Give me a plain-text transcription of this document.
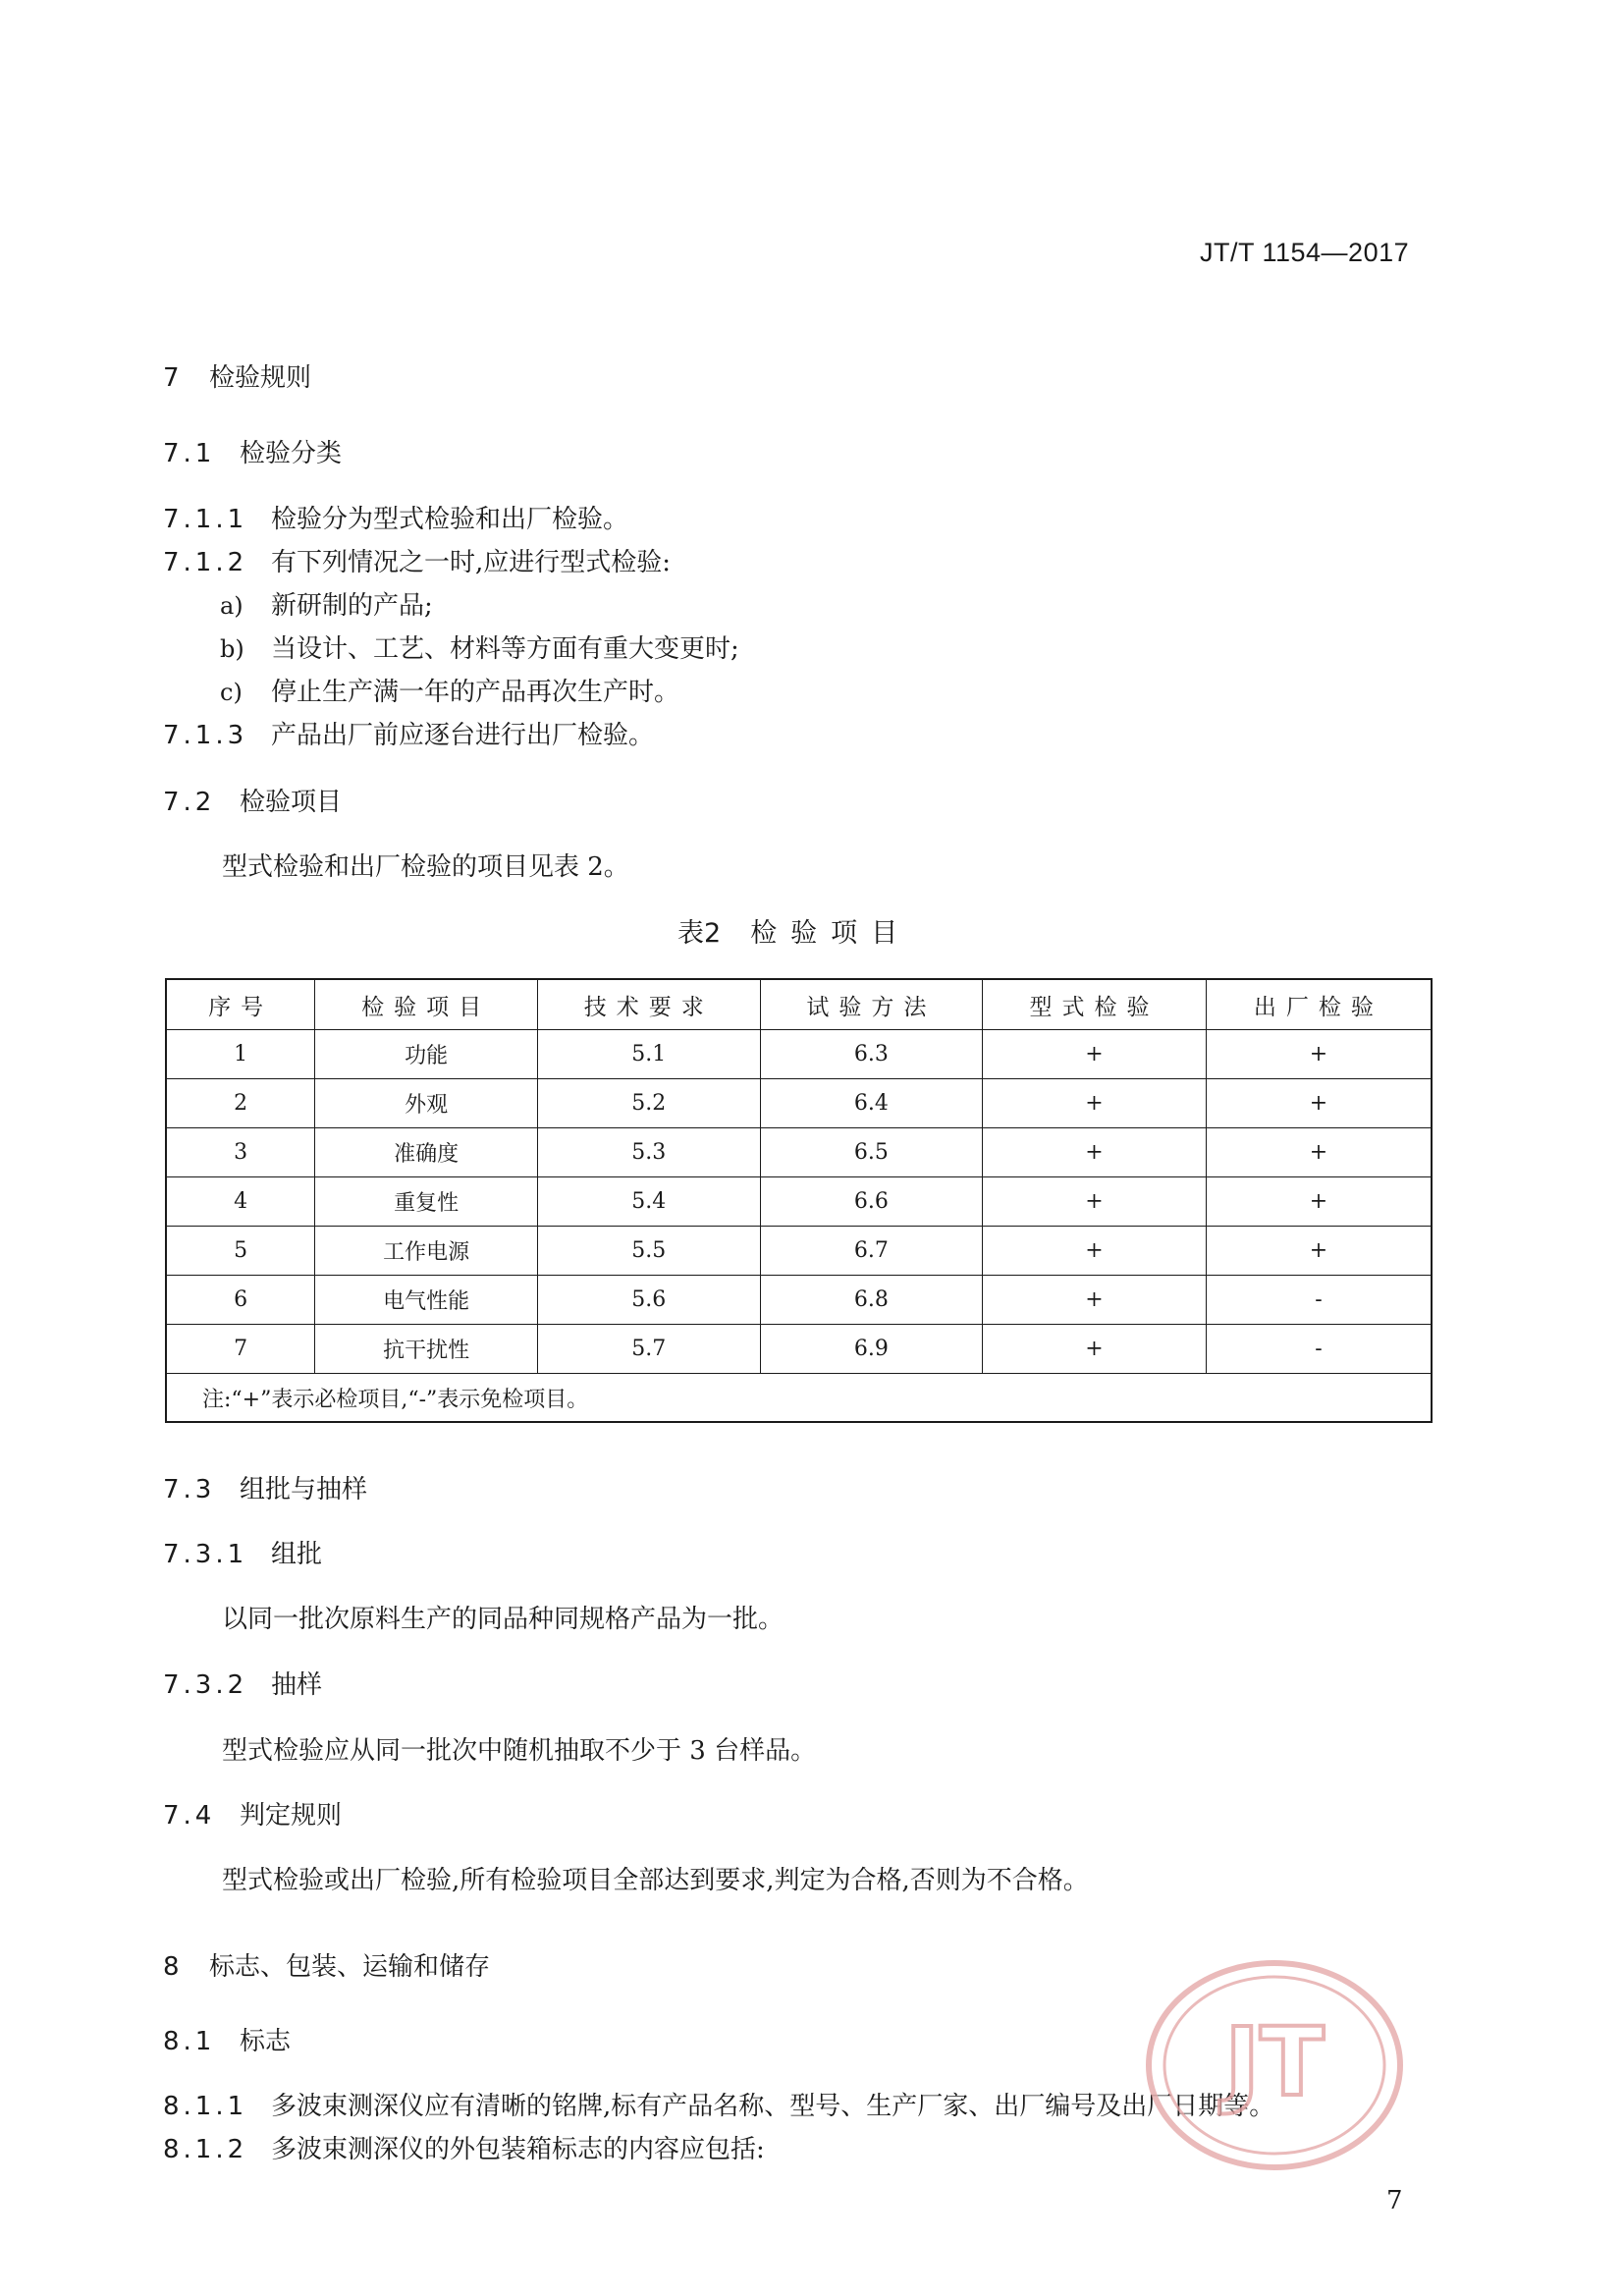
JT/T 1154—2017
7 检验规则
7.1 检验分类
7.1.1 检验分为型式检验和出厂检验。
7.1.2 有下列情况之一时,应进行型式检验:
a) 新研制的产品;
b) 当设计、工艺、材料等方面有重大变更时;
c) 停止生产满一年的产品再次生产时。
7.1.3 产品出厂前应逐台进行出厂检验。
7.2 检验项目
型式检验和出厂检验的项目见表 2。
表2 检验项目
序号	检验项目	技术要求	试验方法	型式检验	出厂检验
1	功能	5.1	6.3	+	+
2	外观	5.2	6.4	+	+
3	准确度	5.3	6.5	+	+
4	重复性	5.4	6.6	+	+
5	工作电源	5.5	6.7	+	+
6	电气性能	5.6	6.8	+	-
7	抗干扰性	5.7	6.9	+	-
注:“+”表示必检项目,“-”表示免检项目。					
7.3 组批与抽样
7.3.1 组批
以同一批次原料生产的同品种同规格产品为一批。
7.3.2 抽样
型式检验应从同一批次中随机抽取不少于 3 台样品。
7.4 判定规则
型式检验或出厂检验,所有检验项目全部达到要求,判定为合格,否则为不合格。
8 标志、包装、运输和储存
8.1 标志
8.1.1 多波束测深仪应有清晰的铭牌,标有产品名称、型号、生产厂家、出厂编号及出厂日期等。
8.1.2 多波束测深仪的外包装箱标志的内容应包括:
JT
7
